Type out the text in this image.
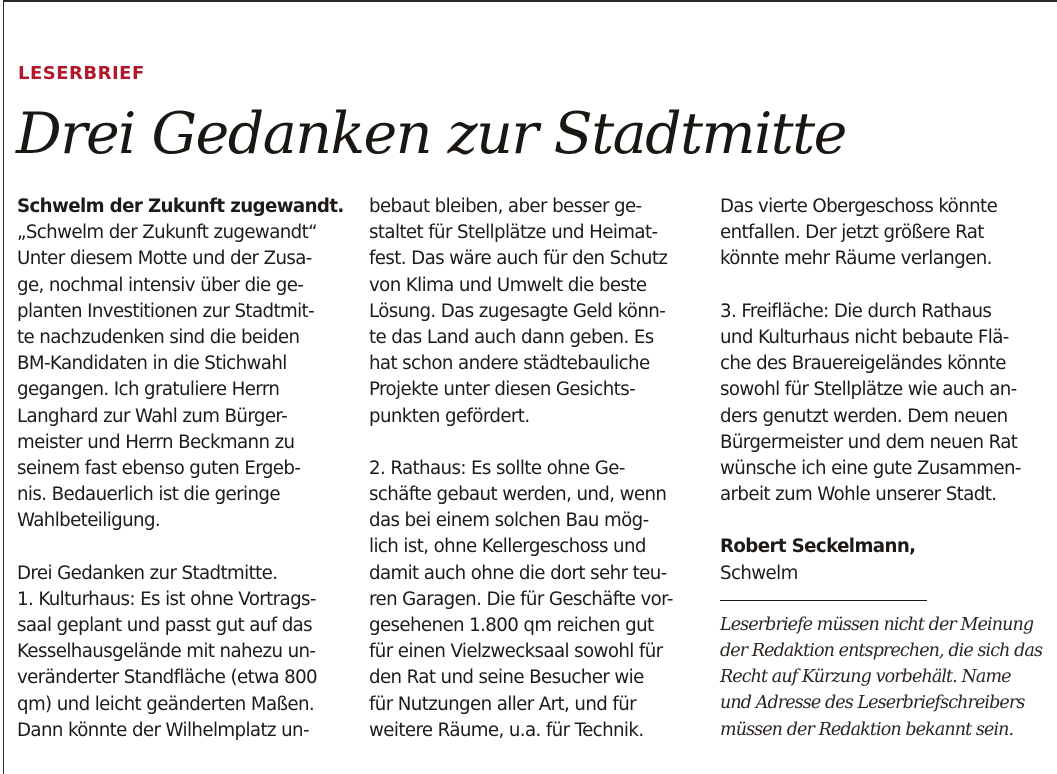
LESERBRIEF
Drei Gedanken zur Stadtmitte
Schwelm der Zukunft zugewandt.
„Schwelm der Zukunft zugewandt“
Unter diesem Motte und der Zusa-
ge, nochmal intensiv über die ge-
planten Investitionen zur Stadtmit-
te nachzudenken sind die beiden
BM-Kandidaten in die Stichwahl
gegangen. Ich gratuliere Herrn
Langhard zur Wahl zum Bürger-
meister und Herrn Beckmann zu
seinem fast ebenso guten Ergeb-
nis. Bedauerlich ist die geringe
Wahlbeteiligung.
Drei Gedanken zur Stadtmitte.
1. Kulturhaus: Es ist ohne Vortrags-
saal geplant und passt gut auf das
Kesselhausgelände mit nahezu un-
veränderter Standfläche (etwa 800
qm) und leicht geänderten Maßen.
Dann könnte der Wilhelmplatz un-
bebaut bleiben, aber besser ge-
staltet für Stellplätze und Heimat-
fest. Das wäre auch für den Schutz
von Klima und Umwelt die beste
Lösung. Das zugesagte Geld könn-
te das Land auch dann geben. Es
hat schon andere städtebauliche
Projekte unter diesen Gesichts-
punkten gefördert.
2. Rathaus: Es sollte ohne Ge-
schäfte gebaut werden, und, wenn
das bei einem solchen Bau mög-
lich ist, ohne Kellergeschoss und
damit auch ohne die dort sehr teu-
ren Garagen. Die für Geschäfte vor-
gesehenen 1.800 qm reichen gut
für einen Vielzwecksaal sowohl für
den Rat und seine Besucher wie
für Nutzungen aller Art, und für
weitere Räume, u.a. für Technik.
Das vierte Obergeschoss könnte
entfallen. Der jetzt größere Rat
könnte mehr Räume verlangen.
3. Freifläche: Die durch Rathaus
und Kulturhaus nicht bebaute Flä-
che des Brauereigeländes könnte
sowohl für Stellplätze wie auch an-
ders genutzt werden. Dem neuen
Bürgermeister und dem neuen Rat
wünsche ich eine gute Zusammen-
arbeit zum Wohle unserer Stadt.
Robert Seckelmann,
Schwelm
Leserbriefe müssen nicht der Meinung
der Redaktion entsprechen, die sich das
Recht auf Kürzung vorbehält. Name
und Adresse des Leserbriefschreibers
müssen der Redaktion bekannt sein.
